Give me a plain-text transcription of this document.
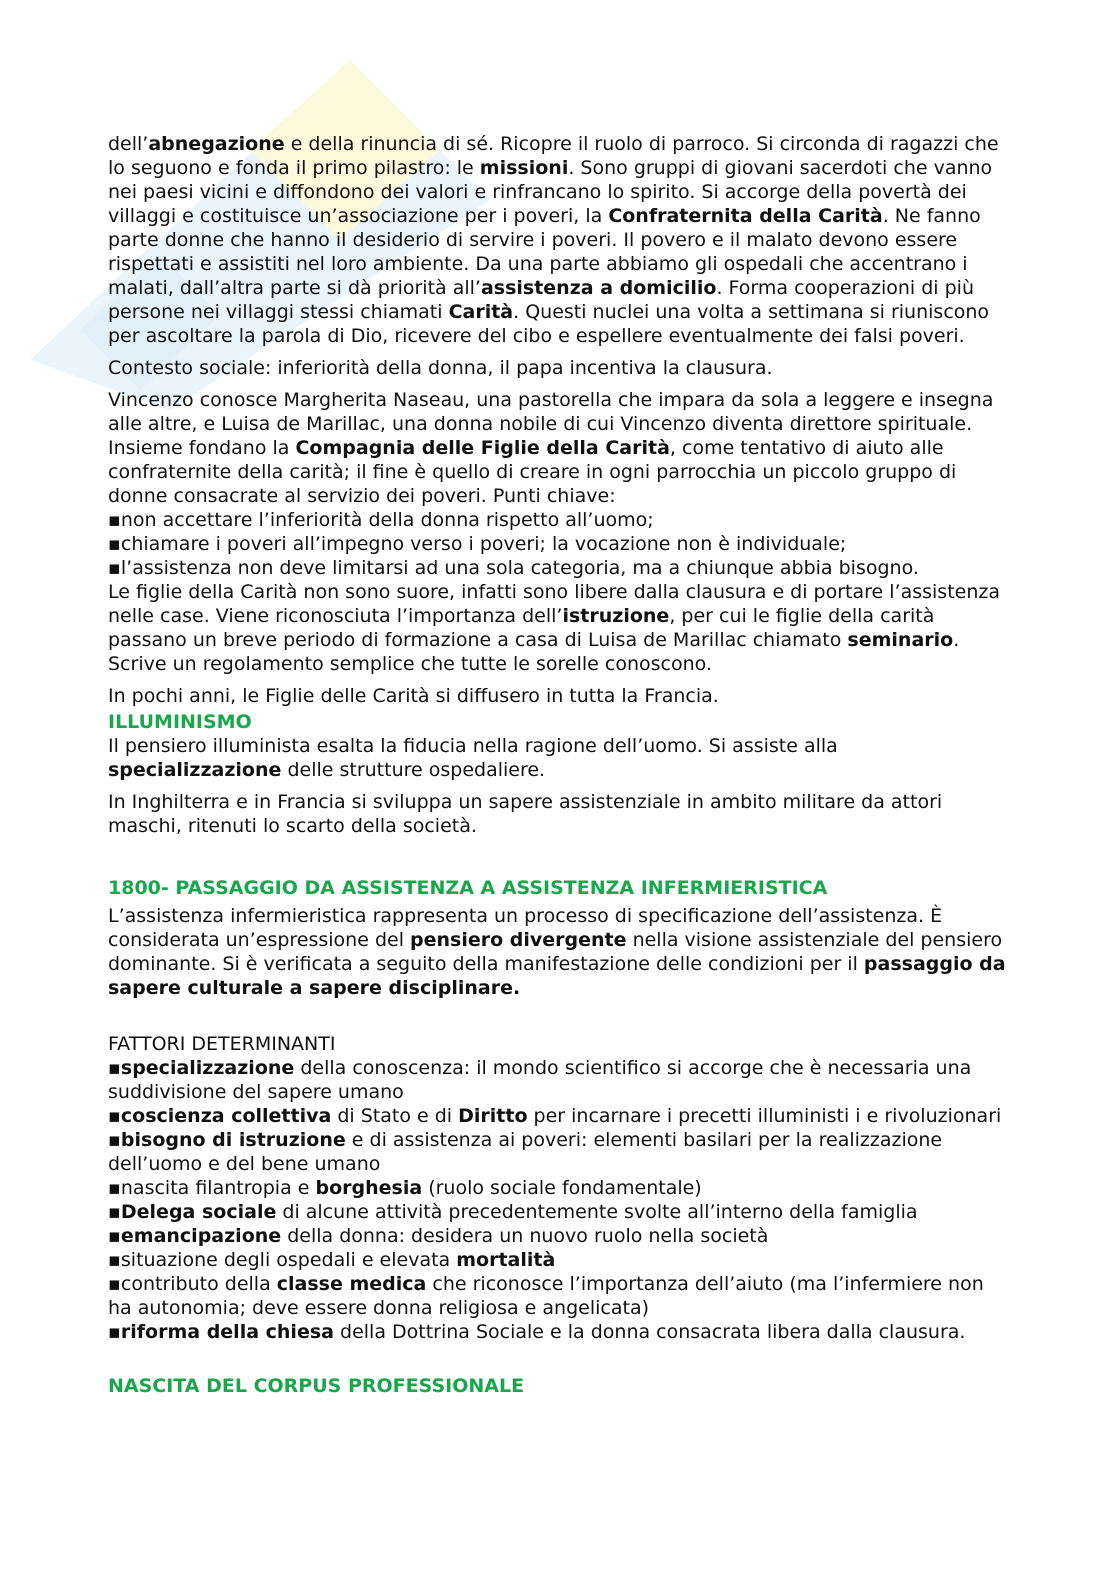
dell’abnegazione e della rinuncia di sé. Ricopre il ruolo di parroco. Si circonda di ragazzi che lo seguono e fonda il primo pilastro: le missioni. Sono gruppi di giovani sacerdoti che vanno nei paesi vicini e diffondono dei valori e rinfrancano lo spirito. Si accorge della povertà dei villaggi e costituisce un’associazione per i poveri, la Confraternita della Carità. Ne fanno parte donne che hanno il desiderio di servire i poveri. Il povero e il malato devono essere rispettati e assistiti nel loro ambiente. Da una parte abbiamo gli ospedali che accentrano i malati, dall’altra parte si dà priorità all’assistenza a domicilio. Forma cooperazioni di più persone nei villaggi stessi chiamati Carità. Questi nuclei una volta a settimana si riuniscono per ascoltare la parola di Dio, ricevere del cibo e espellere eventualmente dei falsi poveri.

Contesto sociale: inferiorità della donna, il papa incentiva la clausura.

Vincenzo conosce Margherita Naseau, una pastorella che impara da sola a leggere e insegna alle altre, e Luisa de Marillac, una donna nobile di cui Vincenzo diventa direttore spirituale. Insieme fondano la Compagnia delle Figlie della Carità, come tentativo di aiuto alle confraternite della carità; il fine è quello di creare in ogni parrocchia un piccolo gruppo di donne consacrate al servizio dei poveri. Punti chiave:
▪ non accettare l’inferiorità della donna rispetto all’uomo;
▪ chiamare i poveri all’impegno verso i poveri; la vocazione non è individuale;
▪ l’assistenza non deve limitarsi ad una sola categoria, ma a chiunque abbia bisogno.
Le figlie della Carità non sono suore, infatti sono libere dalla clausura e di portare l’assistenza nelle case. Viene riconosciuta l’importanza dell’istruzione, per cui le figlie della carità passano un breve periodo di formazione a casa di Luisa de Marillac chiamato seminario. Scrive un regolamento semplice che tutte le sorelle conoscono.

In pochi anni, le Figlie delle Carità si diffusero in tutta la Francia.

ILLUMINISMO

Il pensiero illuminista esalta la fiducia nella ragione dell’uomo. Si assiste alla specializzazione delle strutture ospedaliere.

In Inghilterra e in Francia si sviluppa un sapere assistenziale in ambito militare da attori maschi, ritenuti lo scarto della società.

1800- PASSAGGIO DA ASSISTENZA A ASSISTENZA INFERMIERISTICA

L’assistenza infermieristica rappresenta un processo di specificazione dell’assistenza. È considerata un’espressione del pensiero divergente nella visione assistenziale del pensiero dominante. Si è verificata a seguito della manifestazione delle condizioni per il passaggio da sapere culturale a sapere disciplinare.

FATTORI DETERMINANTI
▪ specializzazione della conoscenza: il mondo scientifico si accorge che è necessaria una suddivisione del sapere umano
▪ coscienza collettiva di Stato e di Diritto per incarnare i precetti illuministi i e rivoluzionari
▪ bisogno di istruzione e di assistenza ai poveri: elementi basilari per la realizzazione dell’uomo e del bene umano
▪ nascita filantropia e borghesia (ruolo sociale fondamentale)
▪ Delega sociale di alcune attività precedentemente svolte all’interno della famiglia
▪ emancipazione della donna: desidera un nuovo ruolo nella società
▪ situazione degli ospedali e elevata mortalità
▪ contributo della classe medica che riconosce l’importanza dell’aiuto (ma l’infermiere non ha autonomia; deve essere donna religiosa e angelicata)
▪ riforma della chiesa della Dottrina Sociale e la donna consacrata libera dalla clausura.
NASCITA DEL CORPUS PROFESSIONALE
